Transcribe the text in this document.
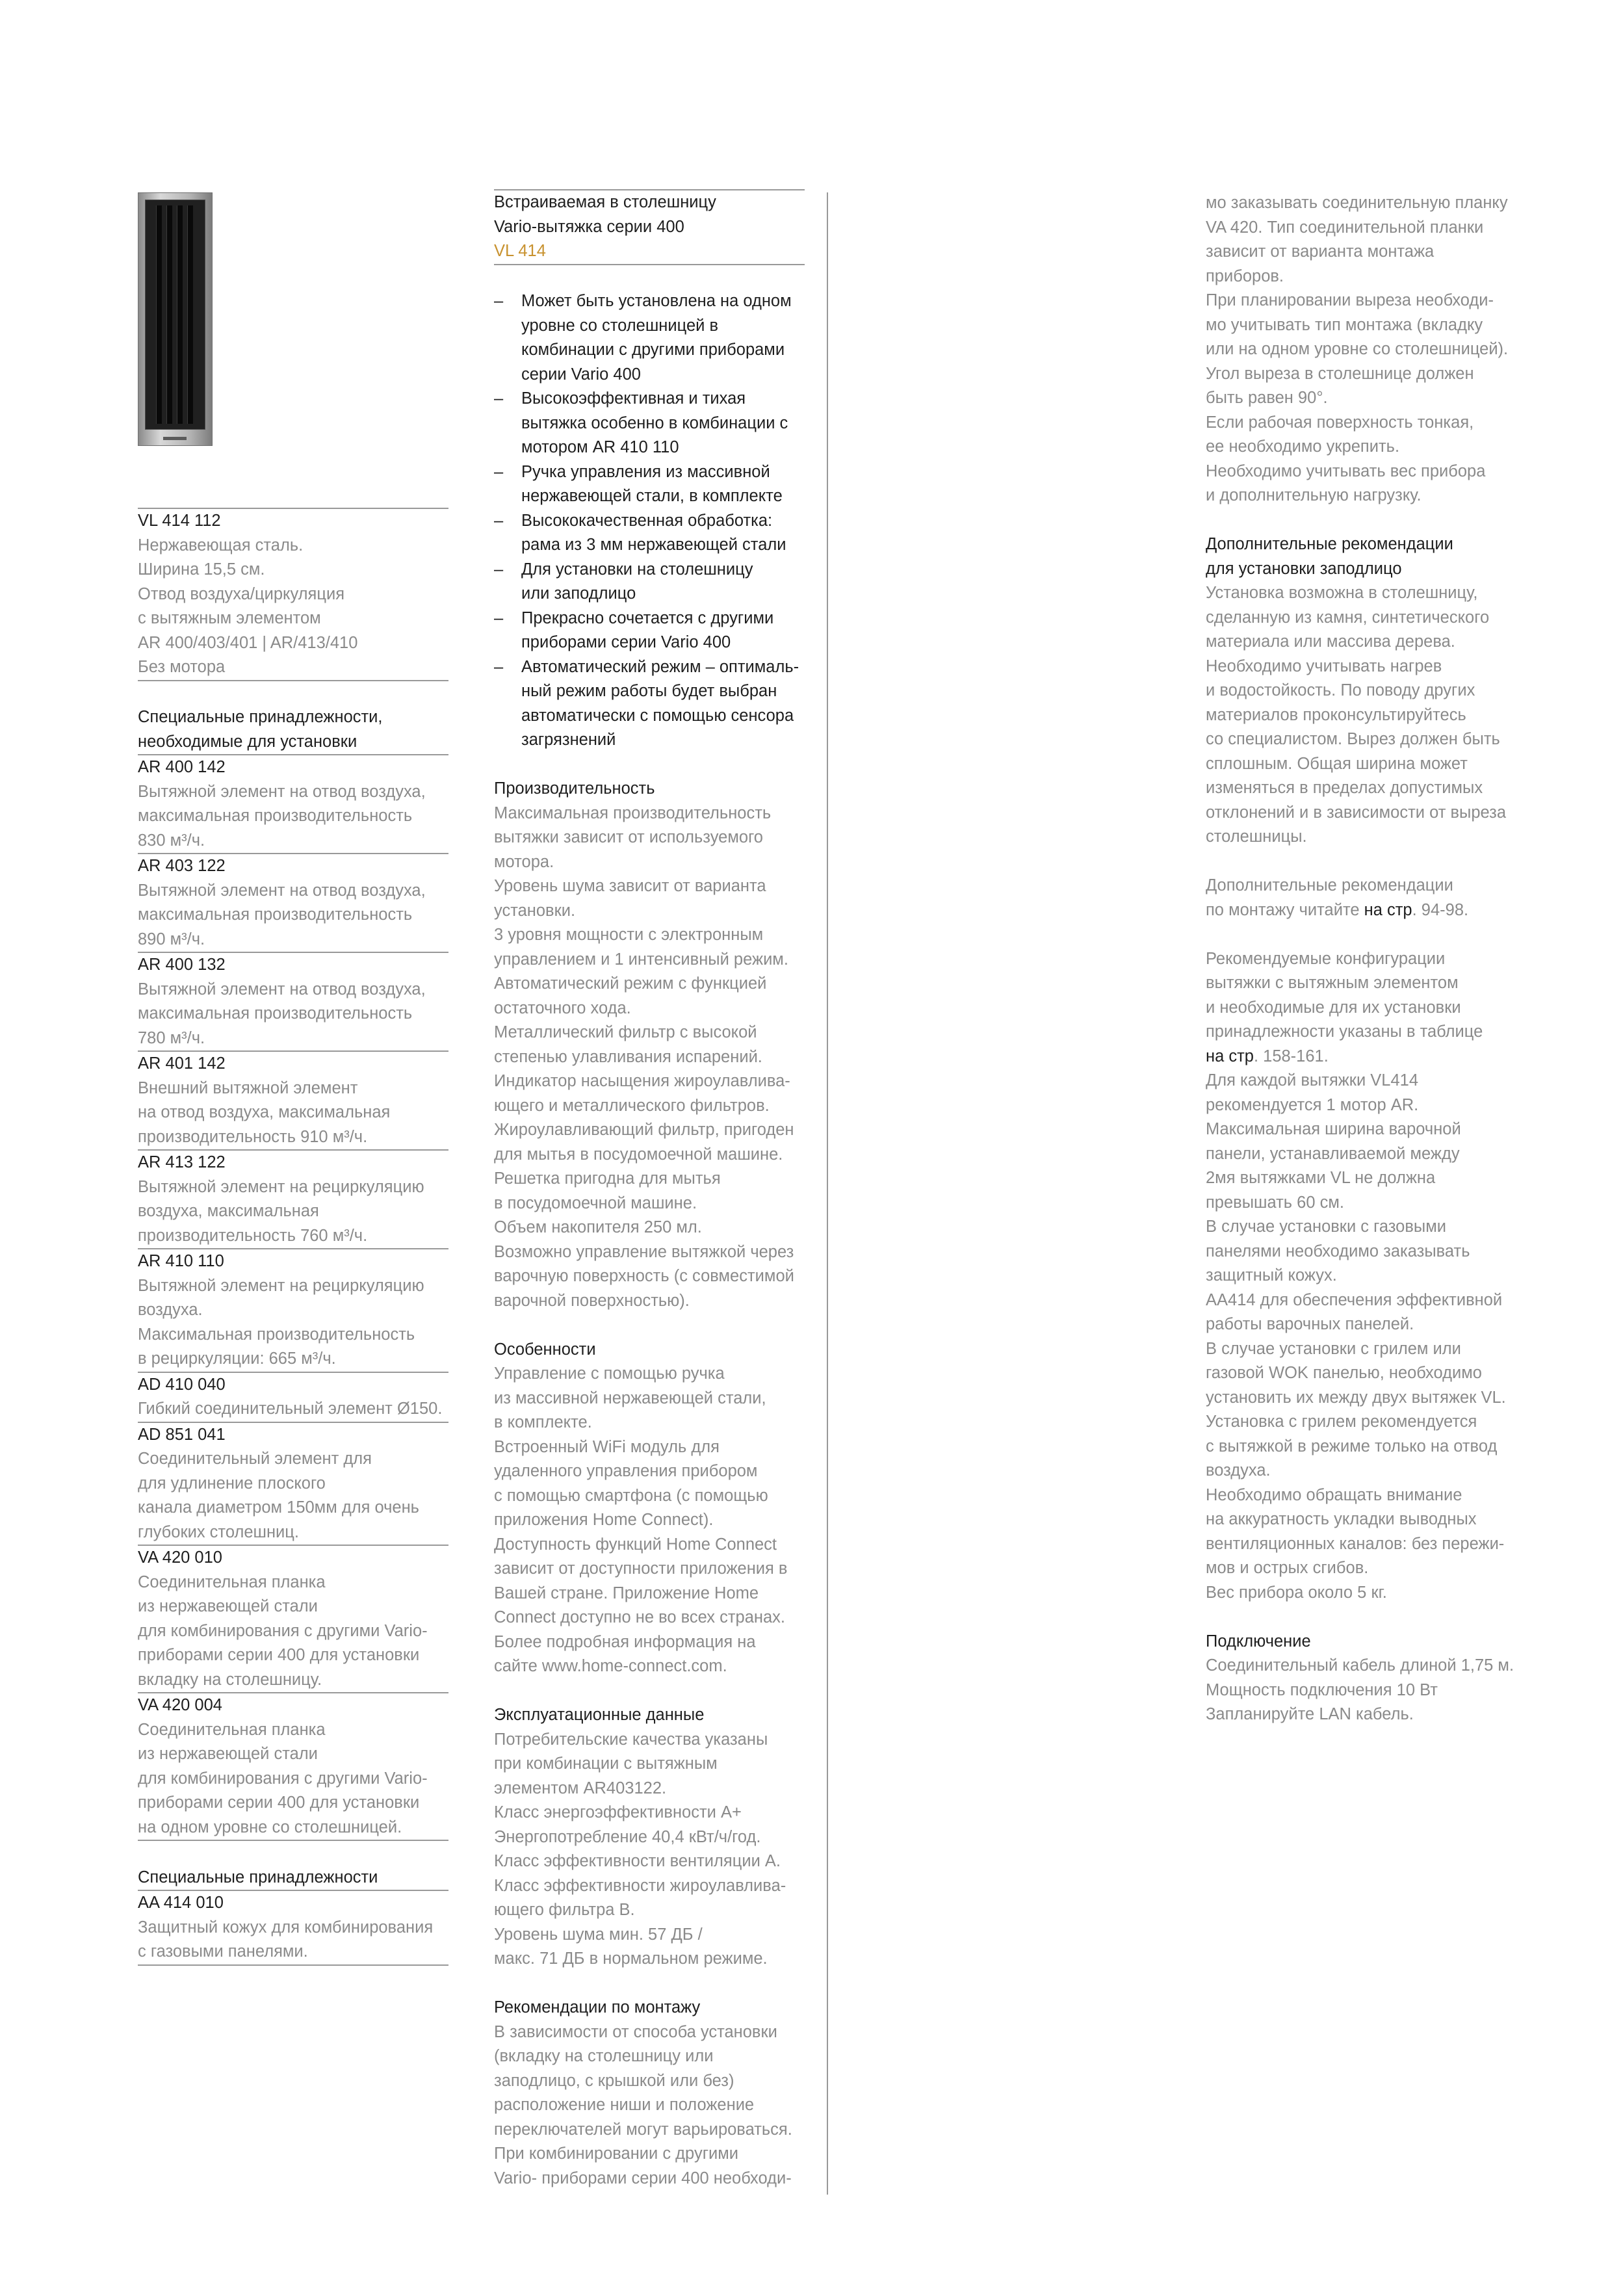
VL 414 112
Нержавеющая сталь.
Ширина 15,5 см.
Отвод воздуха/циркуляция
с вытяжным элементом
AR 400/403/401 | AR/413/410
Без мотора
Специальные принадлежности,
необходимые для установки
AR 400 142
Вытяжной элемент на отвод воздуха,
максимальная производительность
830 м³/ч.
AR 403 122
Вытяжной элемент на отвод воздуха,
максимальная производительность
890 м³/ч.
AR 400 132
Вытяжной элемент на отвод воздуха,
максимальная производительность
780 м³/ч.
AR 401 142
Внешний вытяжной элемент
на отвод воздуха, максимальная
производительность 910 м³/ч.
AR 413 122
Вытяжной элемент на рециркуляцию
воздуха, максимальная
производительность 760 м³/ч.
AR 410 110
Вытяжной элемент на рециркуляцию
воздуха.
Максимальная производительность
в рециркуляции: 665 м³/ч.
AD 410 040
Гибкий соединительный элемент Ø150.
AD 851 041
Соединительный элемент для
для удлинение плоского
канала диаметром 150мм для очень
глубоких столешниц.
VA 420 010
Соединительная планка
из нержавеющей стали
для комбинирования с другими Vario-
приборами серии 400 для установки
вкладку на столешницу.
VA 420 004
Соединительная планка
из нержавеющей стали
для комбинирования с другими Vario-
приборами серии 400 для установки
на одном уровне со столешницей.
Специальные принадлежности
AA 414 010
Защитный кожух для комбинирования
с газовыми панелями.
Встраиваемая в столешницу
Vario-вытяжка серии 400
VL 414
– Может быть установлена на одном
уровне со столешницей в
комбинации с другими приборами
серии Vario 400
– Высокоэффективная и тихая
вытяжка особенно в комбинации с
мотором AR 410 110
– Ручка управления из массивной
нержавеющей стали, в комплекте
– Высококачественная обработка:
рама из 3 мм нержавеющей стали
– Для установки на столешницу
или заподлицо
– Прекрасно сочетается с другими
приборами серии Vario 400
– Автоматический режим – оптималь-
ный режим работы будет выбран
автоматически с помощью сенсора
загрязнений
Производительность
Максимальная производительность
вытяжки зависит от используемого
мотора.
Уровень шума зависит от варианта
установки.
3 уровня мощности с электронным
управлением и 1 интенсивный режим.
Автоматический режим с функцией
остаточного хода.
Металлический фильтр с высокой
степенью улавливания испарений.
Индикатор насыщения жироулавлива-
ющего и металлического фильтров.
Жироулавливающий фильтр, пригоден
для мытья в посудомоечной машине.
Решетка пригодна для мытья
в посудомоечной машине.
Объем накопителя 250 мл.
Возможно управление вытяжкой через
варочную поверхность (с совместимой
варочной поверхностью).
Особенности
Управление с помощью ручка
из массивной нержавеющей стали,
в комплекте.
Встроенный WiFi модуль для
удаленного управления прибором
с помощью смартфона (с помощью
приложения Home Connect).
Доступность функций Home Connect
зависит от доступности приложения в
Вашей стране. Приложение Home
Connect доступно не во всех странах.
Более подробная информация на
сайте www.home-connect.com.
Эксплуатационные данные
Потребительские качества указаны
при комбинации с вытяжным
элементом AR403122.
Класс энергоэффективности A+
Энергопотребление 40,4 кВт/ч/год.
Класс эффективности вентиляции A.
Класс эффективности жироулавлива-
ющего фильтра B.
Уровень шума мин. 57 ДБ /
макс. 71 ДБ в нормальном режиме.
Рекомендации по монтажу
В зависимости от способа установки
(вкладку на столешницу или
заподлицо, с крышкой или без)
расположение ниши и положение
переключателей могут варьироваться.
При комбинировании с другими
Vario- приборами серии 400 необходи-
мо заказывать соединительную планку
VA 420. Тип соединительной планки
зависит от варианта монтажа
приборов.
При планировании выреза необходи-
мо учитывать тип монтажа (вкладку
или на одном уровне со столешницей).
Угол выреза в столешнице должен
быть равен 90°.
Если рабочая поверхность тонкая,
ее необходимо укрепить.
Необходимо учитывать вес прибора
и дополнительную нагрузку.
Дополнительные рекомендации
для установки заподлицо
Установка возможна в столешницу,
сделанную из камня, синтетического
материала или массива дерева.
Необходимо учитывать нагрев
и водостойкость. По поводу других
материалов проконсультируйтесь
со специалистом. Вырез должен быть
сплошным. Общая ширина может
изменяться в пределах допустимых
отклонений и в зависимости от выреза
столешницы.
Дополнительные рекомендации
по монтажу читайте на стр. 94-98.
Рекомендуемые конфигурации
вытяжки с вытяжным элементом
и необходимые для их установки
принадлежности указаны в таблице
на стр. 158-161.
Для каждой вытяжки VL414
рекомендуется 1 мотор AR.
Максимальная ширина варочной
панели, устанавливаемой между
2мя вытяжками VL не должна
превышать 60 см.
В случае установки с газовыми
панелями необходимо заказывать
защитный кожух.
AA414 для обеспечения эффективной
работы варочных панелей.
В случае установки с грилем или
газовой WOK панелью, необходимо
установить их между двух вытяжек VL.
Установка с грилем рекомендуется
с вытяжкой в режиме только на отвод
воздуха.
Необходимо обращать внимание
на аккуратность укладки выводных
вентиляционных каналов: без пережи-
мов и острых сгибов.
Вес прибора около 5 кг.
Подключение
Соединительный кабель длиной 1,75 м.
Мощность подключения 10 Вт
Запланируйте LAN кабель.
